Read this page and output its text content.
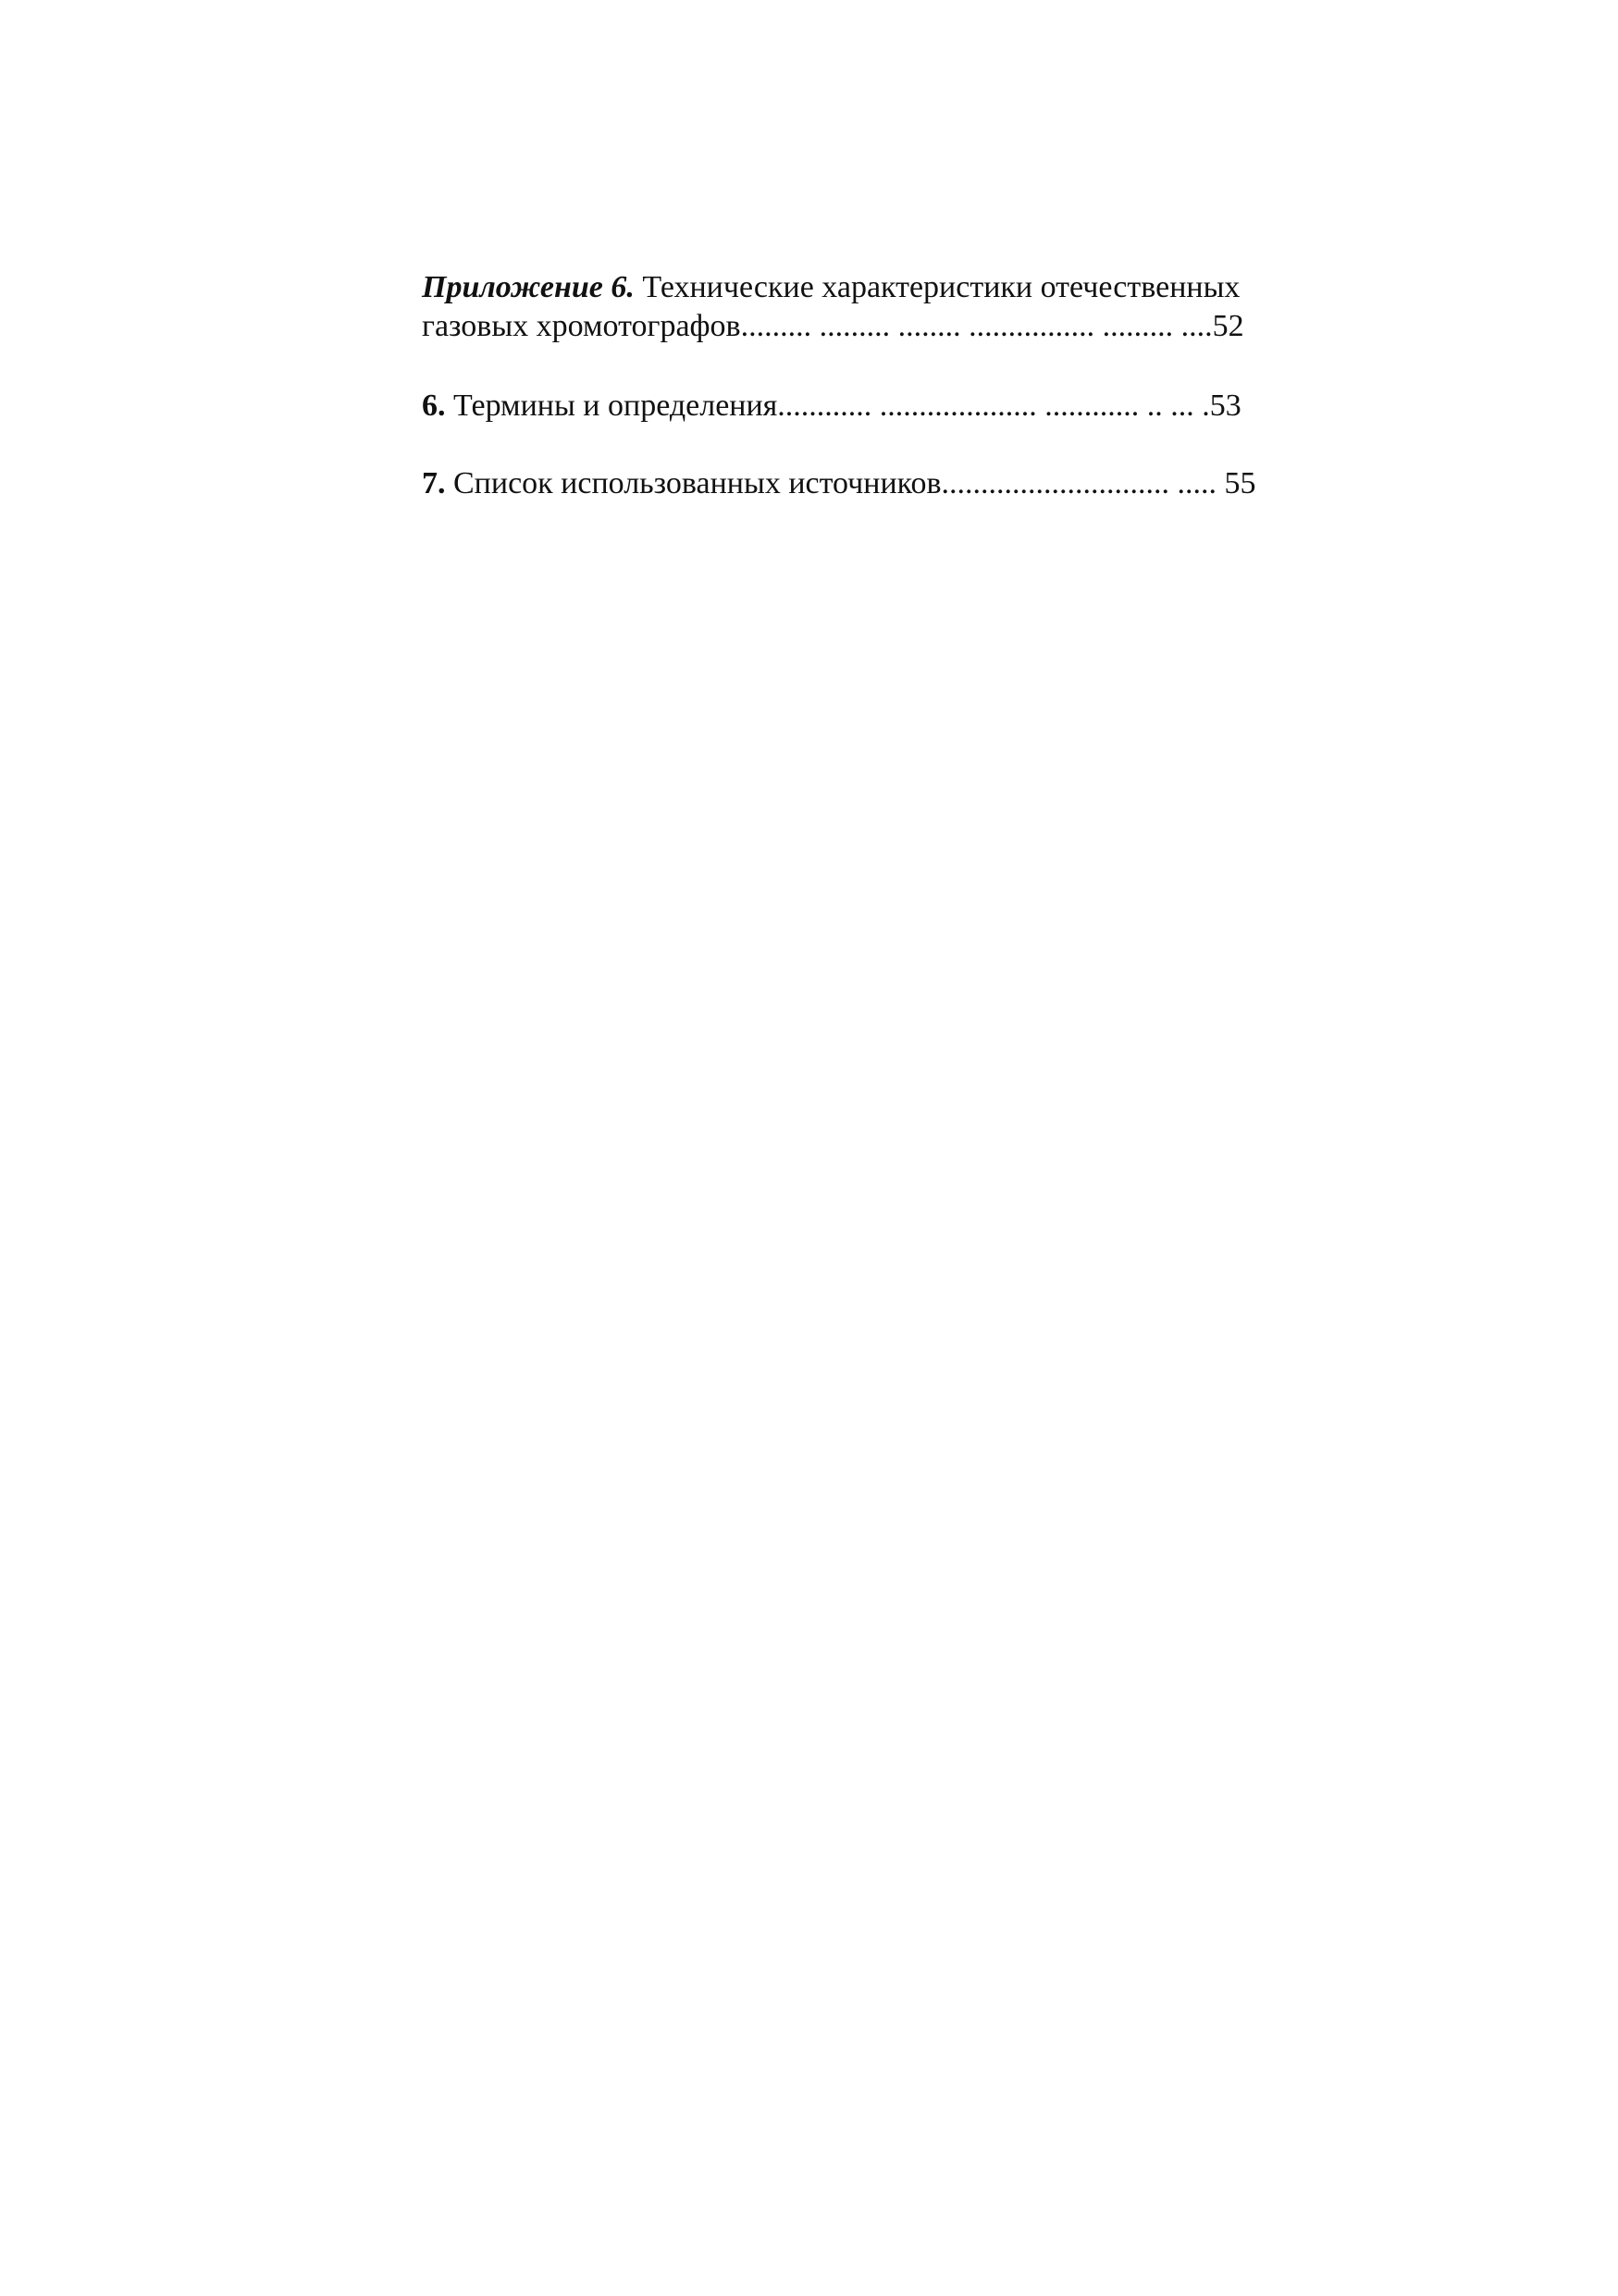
Приложение 6. Технические характеристики отечественных
газовых хромотографов......... ......... ........ ................ ......... ....52
6. Термины и определения............ .................... ............ .. ... .53
7. Список использованных источников............................. ..... 55
